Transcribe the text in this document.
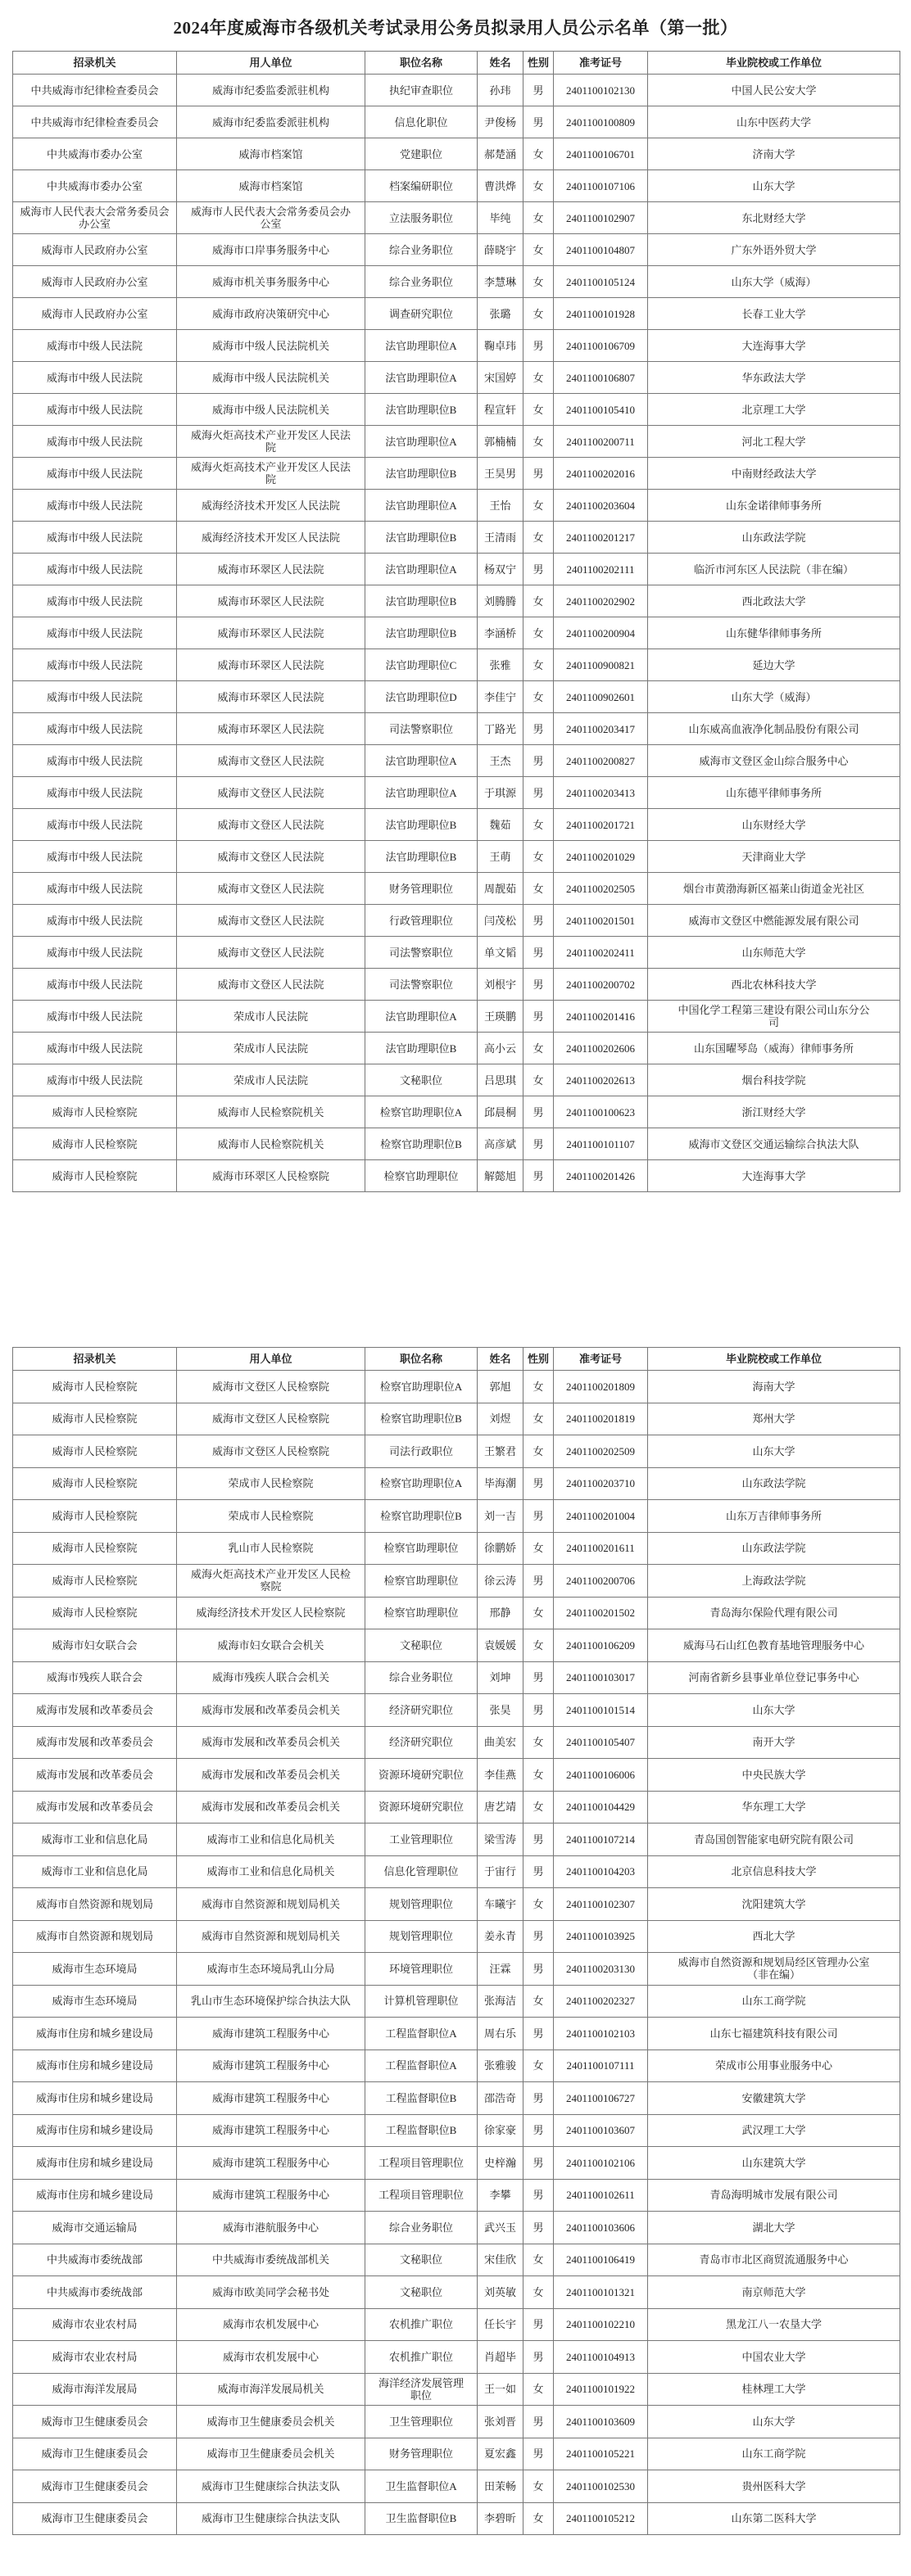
2024年度威海市各级机关考试录用公务员拟录用人员公示名单（第一批）
招录机关	用人单位	职位名称	姓名	性别	准考证号	毕业院校或工作单位
中共威海市纪律检查委员会	威海市纪委监委派驻机构	执纪审查职位	孙玮	男	2401100102130	中国人民公安大学
中共威海市纪律检查委员会	威海市纪委监委派驻机构	信息化职位	尹俊杨	男	2401100100809	山东中医药大学
中共威海市委办公室	威海市档案馆	党建职位	郝楚涵	女	2401100106701	济南大学
中共威海市委办公室	威海市档案馆	档案编研职位	曹洪烨	女	2401100107106	山东大学
威海市人民代表大会常务委员会办公室	威海市人民代表大会常务委员会办公室	立法服务职位	毕纯	女	2401100102907	东北财经大学
威海市人民政府办公室	威海市口岸事务服务中心	综合业务职位	薛晓宇	女	2401100104807	广东外语外贸大学
威海市人民政府办公室	威海市机关事务服务中心	综合业务职位	李慧琳	女	2401100105124	山东大学（威海）
威海市人民政府办公室	威海市政府决策研究中心	调查研究职位	张璐	女	2401100101928	长春工业大学
威海市中级人民法院	威海市中级人民法院机关	法官助理职位A	鞠卓玮	男	2401100106709	大连海事大学
威海市中级人民法院	威海市中级人民法院机关	法官助理职位A	宋国婷	女	2401100106807	华东政法大学
威海市中级人民法院	威海市中级人民法院机关	法官助理职位B	程宣轩	女	2401100105410	北京理工大学
威海市中级人民法院	威海火炬高技术产业开发区人民法院	法官助理职位A	郭楠楠	女	2401100200711	河北工程大学
威海市中级人民法院	威海火炬高技术产业开发区人民法院	法官助理职位B	王昊男	男	2401100202016	中南财经政法大学
威海市中级人民法院	威海经济技术开发区人民法院	法官助理职位A	王怡	女	2401100203604	山东金诺律师事务所
威海市中级人民法院	威海经济技术开发区人民法院	法官助理职位B	王清雨	女	2401100201217	山东政法学院
威海市中级人民法院	威海市环翠区人民法院	法官助理职位A	杨双宁	男	2401100202111	临沂市河东区人民法院（非在编）
威海市中级人民法院	威海市环翠区人民法院	法官助理职位B	刘腾腾	女	2401100202902	西北政法大学
威海市中级人民法院	威海市环翠区人民法院	法官助理职位B	李涵桥	女	2401100200904	山东健华律师事务所
威海市中级人民法院	威海市环翠区人民法院	法官助理职位C	张雅	女	2401100900821	延边大学
威海市中级人民法院	威海市环翠区人民法院	法官助理职位D	李佳宁	女	2401100902601	山东大学（威海）
威海市中级人民法院	威海市环翠区人民法院	司法警察职位	丁路光	男	2401100203417	山东威高血液净化制品股份有限公司
威海市中级人民法院	威海市文登区人民法院	法官助理职位A	王杰	男	2401100200827	威海市文登区金山综合服务中心
威海市中级人民法院	威海市文登区人民法院	法官助理职位A	于琪源	男	2401100203413	山东德平律师事务所
威海市中级人民法院	威海市文登区人民法院	法官助理职位B	魏茹	女	2401100201721	山东财经大学
威海市中级人民法院	威海市文登区人民法院	法官助理职位B	王萌	女	2401100201029	天津商业大学
威海市中级人民法院	威海市文登区人民法院	财务管理职位	周靓茹	女	2401100202505	烟台市黄渤海新区福莱山街道金光社区
威海市中级人民法院	威海市文登区人民法院	行政管理职位	闫茂松	男	2401100201501	威海市文登区中燃能源发展有限公司
威海市中级人民法院	威海市文登区人民法院	司法警察职位	单文韬	男	2401100202411	山东师范大学
威海市中级人民法院	威海市文登区人民法院	司法警察职位	刘根宇	男	2401100200702	西北农林科技大学
威海市中级人民法院	荣成市人民法院	法官助理职位A	王瑛鹏	男	2401100201416	中国化学工程第三建设有限公司山东分公司
威海市中级人民法院	荣成市人民法院	法官助理职位B	高小云	女	2401100202606	山东国曜琴岛（威海）律师事务所
威海市中级人民法院	荣成市人民法院	文秘职位	吕思琪	女	2401100202613	烟台科技学院
威海市人民检察院	威海市人民检察院机关	检察官助理职位A	邱晨桐	男	2401100100623	浙江财经大学
威海市人民检察院	威海市人民检察院机关	检察官助理职位B	高彦斌	男	2401100101107	威海市文登区交通运输综合执法大队
威海市人民检察院	威海市环翠区人民检察院	检察官助理职位	解懿旭	男	2401100201426	大连海事大学
招录机关	用人单位	职位名称	姓名	性别	准考证号	毕业院校或工作单位
威海市人民检察院	威海市文登区人民检察院	检察官助理职位A	郭旭	女	2401100201809	海南大学
威海市人民检察院	威海市文登区人民检察院	检察官助理职位B	刘煜	女	2401100201819	郑州大学
威海市人民检察院	威海市文登区人民检察院	司法行政职位	王繁君	女	2401100202509	山东大学
威海市人民检察院	荣成市人民检察院	检察官助理职位A	毕海潮	男	2401100203710	山东政法学院
威海市人民检察院	荣成市人民检察院	检察官助理职位B	刘一吉	男	2401100201004	山东万吉律师事务所
威海市人民检察院	乳山市人民检察院	检察官助理职位	徐鹏娇	女	2401100201611	山东政法学院
威海市人民检察院	威海火炬高技术产业开发区人民检察院	检察官助理职位	徐云涛	男	2401100200706	上海政法学院
威海市人民检察院	威海经济技术开发区人民检察院	检察官助理职位	邢静	女	2401100201502	青岛海尔保险代理有限公司
威海市妇女联合会	威海市妇女联合会机关	文秘职位	袁媛媛	女	2401100106209	威海马石山红色教育基地管理服务中心
威海市残疾人联合会	威海市残疾人联合会机关	综合业务职位	刘坤	男	2401100103017	河南省新乡县事业单位登记事务中心
威海市发展和改革委员会	威海市发展和改革委员会机关	经济研究职位	张昊	男	2401100101514	山东大学
威海市发展和改革委员会	威海市发展和改革委员会机关	经济研究职位	曲美宏	女	2401100105407	南开大学
威海市发展和改革委员会	威海市发展和改革委员会机关	资源环境研究职位	李佳燕	女	2401100106006	中央民族大学
威海市发展和改革委员会	威海市发展和改革委员会机关	资源环境研究职位	唐艺靖	女	2401100104429	华东理工大学
威海市工业和信息化局	威海市工业和信息化局机关	工业管理职位	梁雪涛	男	2401100107214	青岛国创智能家电研究院有限公司
威海市工业和信息化局	威海市工业和信息化局机关	信息化管理职位	于宙行	男	2401100104203	北京信息科技大学
威海市自然资源和规划局	威海市自然资源和规划局机关	规划管理职位	车曦宇	女	2401100102307	沈阳建筑大学
威海市自然资源和规划局	威海市自然资源和规划局机关	规划管理职位	姜永青	男	2401100103925	西北大学
威海市生态环境局	威海市生态环境局乳山分局	环境管理职位	汪霖	男	2401100203130	威海市自然资源和规划局经区管理办公室（非在编）
威海市生态环境局	乳山市生态环境保护综合执法大队	计算机管理职位	张海洁	女	2401100202327	山东工商学院
威海市住房和城乡建设局	威海市建筑工程服务中心	工程监督职位A	周右乐	男	2401100102103	山东七福建筑科技有限公司
威海市住房和城乡建设局	威海市建筑工程服务中心	工程监督职位A	张雅骏	女	2401100107111	荣成市公用事业服务中心
威海市住房和城乡建设局	威海市建筑工程服务中心	工程监督职位B	邵浩奇	男	2401100106727	安徽建筑大学
威海市住房和城乡建设局	威海市建筑工程服务中心	工程监督职位B	徐家豪	男	2401100103607	武汉理工大学
威海市住房和城乡建设局	威海市建筑工程服务中心	工程项目管理职位	史梓瀚	男	2401100102106	山东建筑大学
威海市住房和城乡建设局	威海市建筑工程服务中心	工程项目管理职位	李攀	男	2401100102611	青岛海明城市发展有限公司
威海市交通运输局	威海市港航服务中心	综合业务职位	武兴玉	男	2401100103606	湖北大学
中共威海市委统战部	中共威海市委统战部机关	文秘职位	宋佳欣	女	2401100106419	青岛市市北区商贸流通服务中心
中共威海市委统战部	威海市欧美同学会秘书处	文秘职位	刘英敏	女	2401100101321	南京师范大学
威海市农业农村局	威海市农机发展中心	农机推广职位	任长宇	男	2401100102210	黑龙江八一农垦大学
威海市农业农村局	威海市农机发展中心	农机推广职位	肖超毕	男	2401100104913	中国农业大学
威海市海洋发展局	威海市海洋发展局机关	海洋经济发展管理职位	王一如	女	2401100101922	桂林理工大学
威海市卫生健康委员会	威海市卫生健康委员会机关	卫生管理职位	张刘晋	男	2401100103609	山东大学
威海市卫生健康委员会	威海市卫生健康委员会机关	财务管理职位	夏宏鑫	男	2401100105221	山东工商学院
威海市卫生健康委员会	威海市卫生健康综合执法支队	卫生监督职位A	田茉畅	女	2401100102530	贵州医科大学
威海市卫生健康委员会	威海市卫生健康综合执法支队	卫生监督职位B	李碧昕	女	2401100105212	山东第二医科大学
